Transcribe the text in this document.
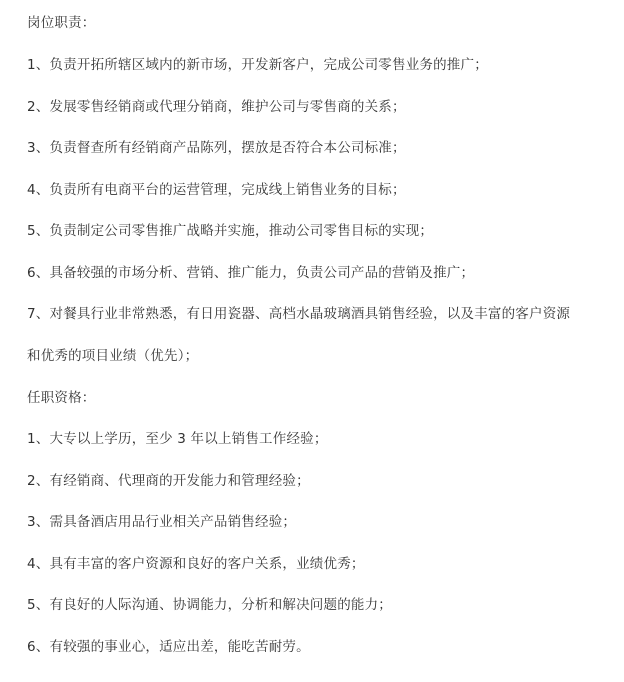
岗位职责：
1、负责开拓所辖区域内的新市场，开发新客户，完成公司零售业务的推广；
2、发展零售经销商或代理分销商，维护公司与零售商的关系；
3、负责督查所有经销商产品陈列，摆放是否符合本公司标准；
4、负责所有电商平台的运营管理，完成线上销售业务的目标；
5、负责制定公司零售推广战略并实施，推动公司零售目标的实现；
6、具备较强的市场分析、营销、推广能力，负责公司产品的营销及推广；
7、对餐具行业非常熟悉，有日用瓷器、高档水晶玻璃酒具销售经验，以及丰富的客户资源
和优秀的项目业绩（优先）；
任职资格：
1、大专以上学历，至少 3 年以上销售工作经验；
2、有经销商、代理商的开发能力和管理经验；
3、需具备酒店用品行业相关产品销售经验；
4、具有丰富的客户资源和良好的客户关系，业绩优秀；
5、有良好的人际沟通、协调能力，分析和解决问题的能力；
6、有较强的事业心，适应出差，能吃苦耐劳。
